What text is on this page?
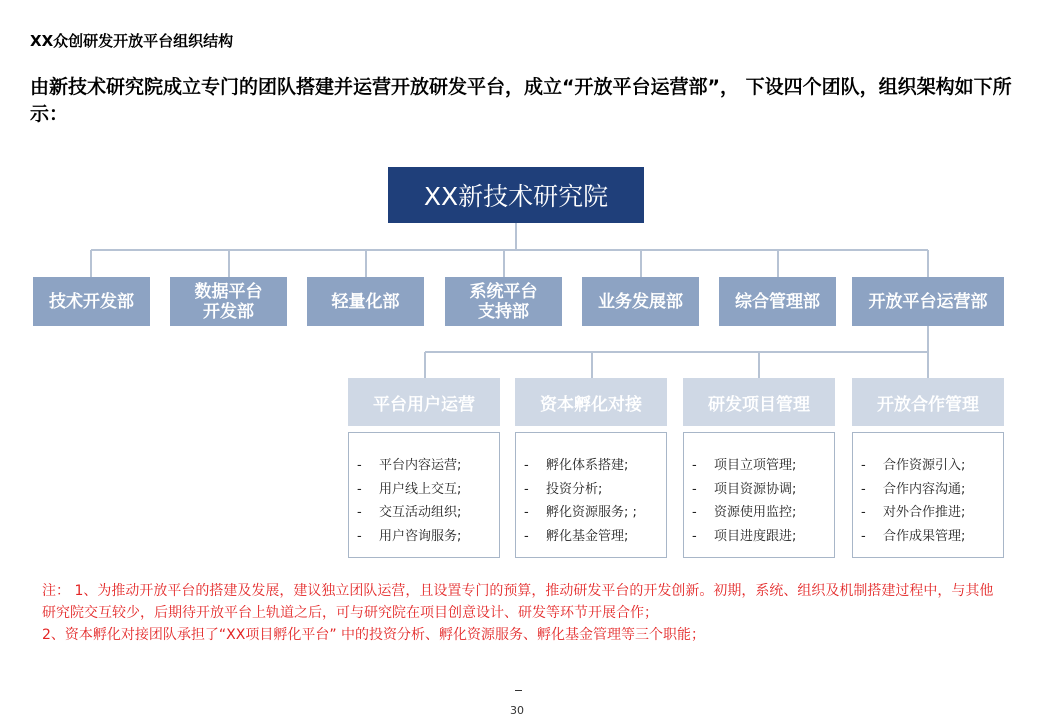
XX众创研发开放平台组织结构
由新技术研究院成立专门的团队搭建并运营开放研发平台，成立“开放平台运营部”， 下设四个团队，组织架构如下所示：
XX新技术研究院
技术开发部	数据平台
开发部	轻量化部	系统平台
支持部	业务发展部	综合管理部	开放平台运营部
平台用户运营	资本孵化对接	研发项目管理	开放合作管理
- 平台内容运营;
- 用户线上交互;
- 交互活动组织;
- 用户咨询服务;
- 孵化体系搭建;
- 投资分析;
- 孵化资源服务; ;
- 孵化基金管理;
- 项目立项管理;
- 项目资源协调;
- 资源使用监控;
- 项目进度跟进;
- 合作资源引入;
- 合作内容沟通;
- 对外合作推进;
- 合作成果管理;

注： 1、为推动开放平台的搭建及发展，建议独立团队运营，且设置专门的预算，推动研发平台的开发创新。初期，系统、组织及机制搭建过程中，与其他研究院交互较少，后期待开放平台上轨道之后，可与研究院在项目创意设计、研发等环节开展合作；

2、资本孵化对接团队承担了“XX项目孵化平台” 中的投资分析、孵化资源服务、孵化基金管理等三个职能；

30
